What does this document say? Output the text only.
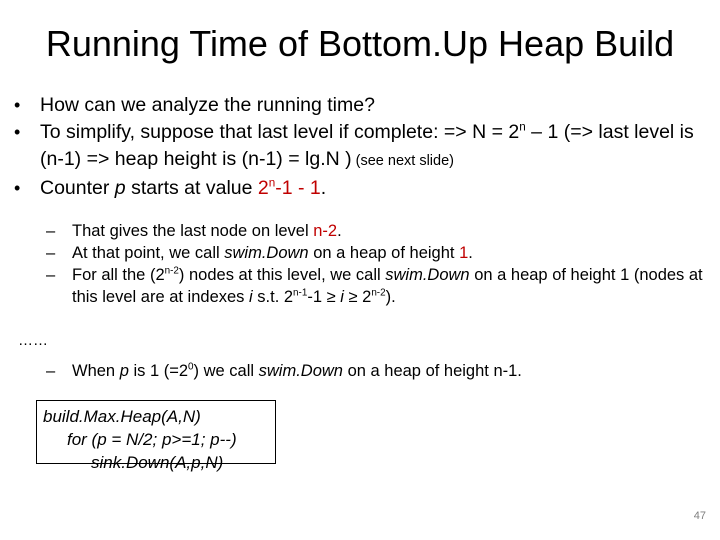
Running Time of Bottom.Up Heap Build

•	How can we analyze the running time?

•	To simplify, suppose that last level if complete: => $N = 2^n - 1$ (=> last level is (n-1) => heap height is (n-1) = lg.N ) (see next slide)

•	Counter p starts at value 2$^n$-1 - 1.

–	That gives the last node on level n-2.

–	At that point, we call swim.Down on a heap of height 1.

–	For all the (2$^{n-2}$) nodes at this level, we call swim.Down on a heap of height 1 (nodes at this level are at indexes i s.t. $2^{n-1}-1 \ge i \ge 2^{n-2}$).

……

–	When p is 1 $(=2^0)$ we call swim.Down on a heap of height n-1.

build.Max.Heap(A,N)
for (p = N/2; p>=1; p--)
sink.Down(A,p,N)
47
